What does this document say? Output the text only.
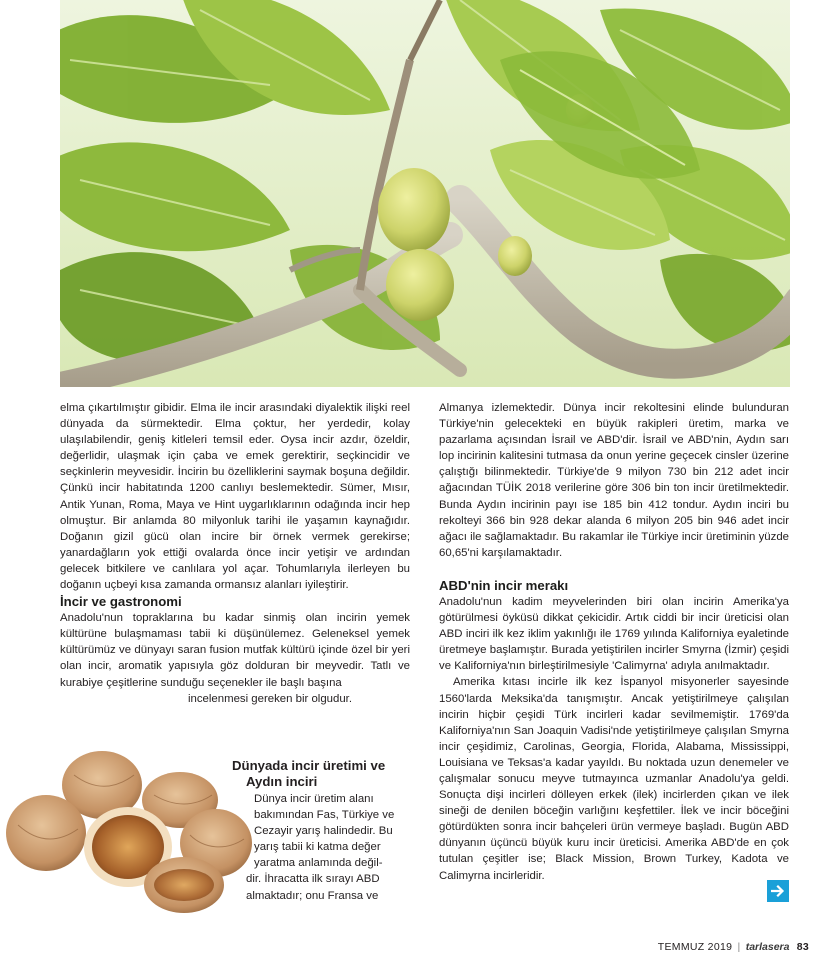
elma çıkartılmıştır gibidir. Elma ile incir arasındaki diyalektik ilişki reel dünyada da sürmektedir. Elma çoktur, her yerdedir, kolay ulaşılabilendir, geniş kitleleri temsil eder. Oysa incir azdır, özeldir, değerlidir, ulaşmak için çaba ve emek gerektirir, seçkincidir ve seçkinlerin meyvesidir. İncirin bu özelliklerini saymak boşuna değildir. Çünkü incir habitatında 1200 canlıyı beslemektedir. Sümer, Mısır, Antik Yunan, Roma, Maya ve Hint uygarlıklarının odağında incir hep olmuştur. Bir anlamda 80 milyonluk tarihi ile yaşamın kaynağıdır. Doğanın gizil gücü olan incire bir örnek vermek gerekirse; yanardağların yok ettiği ovalarda önce incir yetişir ve ardından gelecek bitkilere ve canlılara yol açar. Tohumlarıyla ilerleyen bu doğanın uçbeyi kısa zamanda ormansız alanları iyileştirir.

İncir ve gastronomi

Anadolu'nun topraklarına bu kadar sinmiş olan incirin yemek kültürüne bulaşmaması tabii ki düşünülemez. Geleneksel yemek kültürümüz ve dünyayı saran fusion mutfak kültürü içinde özel bir yeri olan incir, aromatik yapısıyla göz dolduran bir meyvedir. Tatlı ve kurabiye çeşitlerine sunduğu seçenekler ile başlı başına

incelenmesi gereken bir olgudur.

Dünyada incir üretimi ve
Aydın inciri
Dünya incir üretim alanı
bakımından Fas, Türkiye ve
Cezayir yarış halindedir. Bu
yarış tabii ki katma değer
yaratma anlamında değil-
dir. İhracatta ilk sırayı ABD
almaktadır; onu Fransa ve

Almanya izlemektedir. Dünya incir rekoltesini elinde bulunduran Türkiye'nin gelecekteki en büyük rakipleri üretim, marka ve pazarlama açısından İsrail ve ABD'dir. İsrail ve ABD'nin, Aydın sarı lop incirinin kalitesini tutmasa da onun yerine geçecek cinsler üzerine çalıştığı bilinmektedir. Türkiye'de 9 milyon 730 bin 212 adet incir ağacından TÜİK 2018 verilerine göre 306 bin ton incir üretilmektedir. Bunda Aydın incirinin payı ise 185 bin 412 tondur. Aydın inciri bu rekolteyi 366 bin 928 dekar alanda 6 milyon 205 bin 946 adet incir ağacı ile sağlamaktadır. Bu rakamlar ile Türkiye incir üretiminin yüzde 60,65'ni karşılamaktadır.

ABD'nin incir merakı

Anadolu'nun kadim meyvelerinden biri olan incirin Amerika'ya götürülmesi öyküsü dikkat çekicidir. Artık ciddi bir incir üreticisi olan ABD inciri ilk kez iklim yakınlığı ile 1769 yılında Kaliforniya eyaletinde üretmeye başlamıştır. Burada yetiştirilen incirler Smyrna (İzmir) çeşidi ve Kaliforniya'nın birleştirilmesiyle 'Calimyrna' adıyla anılmaktadır.

Amerika kıtası incirle ilk kez İspanyol misyonerler sayesinde 1560'larda Meksika'da tanışmıştır. Ancak yetiştirilmeye çalışılan incirin hiçbir çeşidi Türk incirleri kadar sevilmemiştir. 1769'da Kaliforniya'nın San Joaquin Vadisi'nde yetiştirilmeye çalışılan Smyrna incir çeşidimiz, Carolinas, Georgia, Florida, Alabama, Mississippi, Louisiana ve Teksas'a kadar yayıldı. Bu noktada uzun denemeler ve çalışmalar sonucu meyve tutmayınca uzmanlar Anadolu'ya geldi. Sonuçta dişi incirleri dölleyen erkek (ilek) incirlerden çıkan ve ilek sineği de denilen böceğin varlığını keşfettiler. İlek ve incir böceğini götürdükten sonra incir bahçeleri ürün vermeye başladı. Bugün ABD dünyanın üçüncü büyük kuru incir üreticisi. Amerika ABD'de en çok tutulan çeşitler ise; Black Mission, Brown Turkey, Kadota ve Calimyrna incirleridir.

TEMMUZ 2019 | tarlasera 83
